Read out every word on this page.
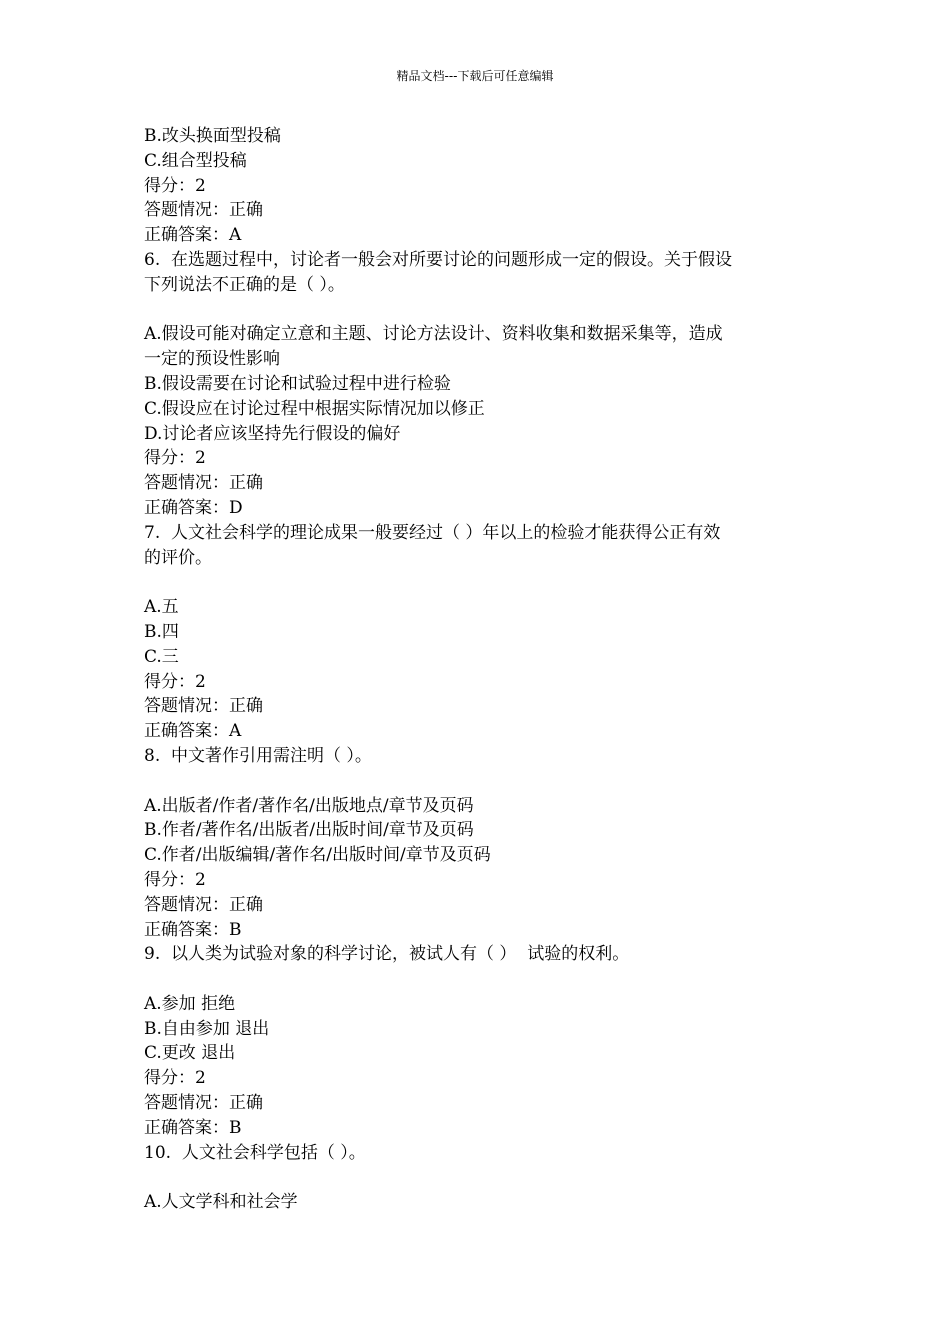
精品文档---下载后可任意编辑
B.改头换面型投稿
C.组合型投稿
得分：2
答题情况：正确
正确答案：A
6.  在选题过程中，讨论者一般会对所要讨论的问题形成一定的假设。关于假设
下列说法不正确的是（ ）。
A.假设可能对确定立意和主题、讨论方法设计、资料收集和数据采集等，造成
一定的预设性影响
B.假设需要在讨论和试验过程中进行检验
C.假设应在讨论过程中根据实际情况加以修正
D.讨论者应该坚持先行假设的偏好
得分：2
答题情况：正确
正确答案：D
7.  人文社会科学的理论成果一般要经过（ ）年以上的检验才能获得公正有效
的评价。
A.五
B.四
C.三
得分：2
答题情况：正确
正确答案：A
8.  中文著作引用需注明（ ）。
A.出版者/作者/著作名/出版地点/章节及页码
B.作者/著作名/出版者/出版时间/章节及页码
C.作者/出版编辑/著作名/出版时间/章节及页码
得分：2
答题情况：正确
正确答案：B
9.  以人类为试验对象的科学讨论，被试人有（ ）  试验的权利。
A.参加 拒绝
B.自由参加 退出
C.更改 退出
得分：2
答题情况：正确
正确答案：B
10.  人文社会科学包括（ ）。
A.人文学科和社会学
